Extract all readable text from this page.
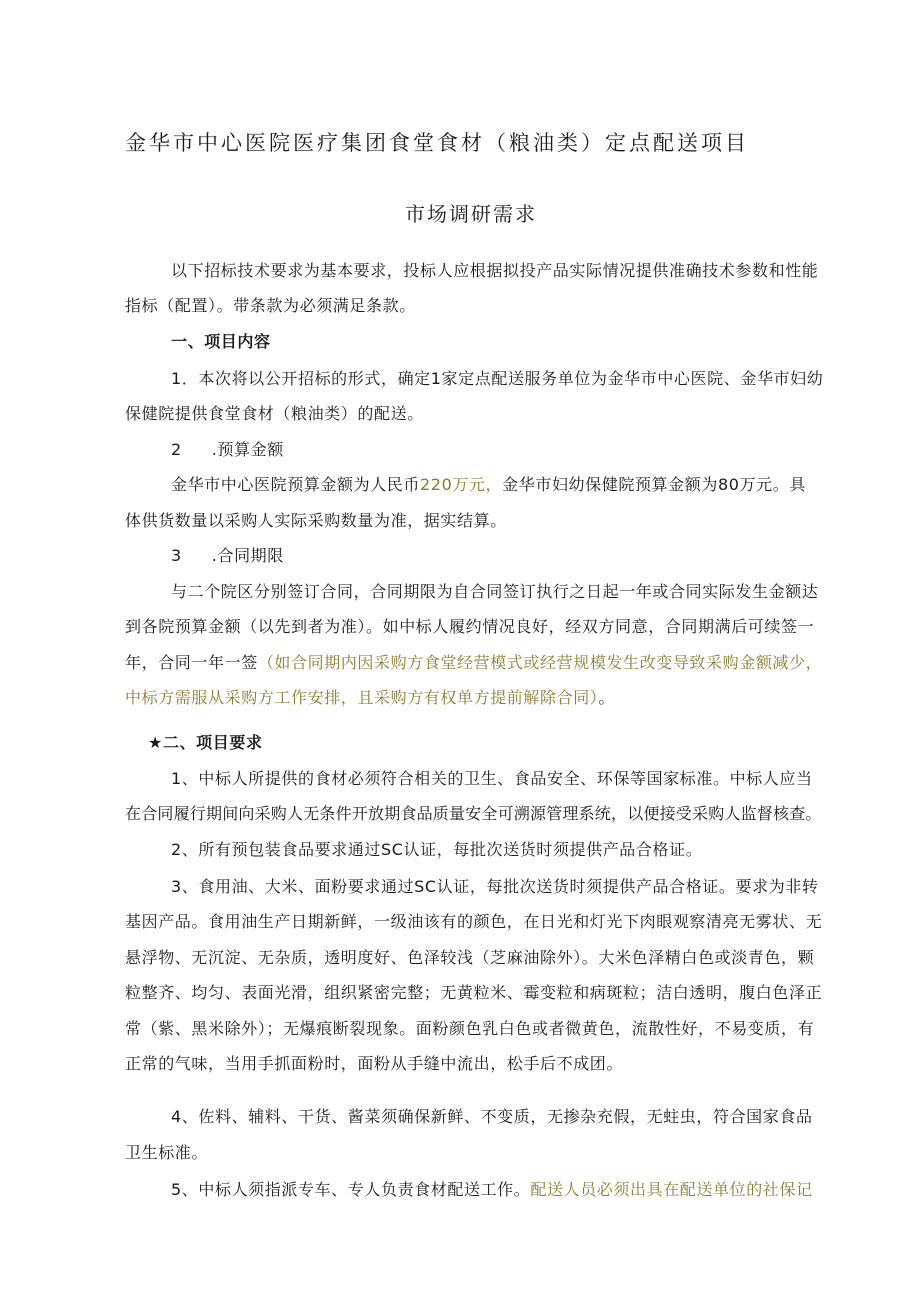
金华市中心医院医疗集团食堂食材（粮油类）定点配送项目
市场调研需求
以下招标技术要求为基本要求，投标人应根据拟投产品实际情况提供准确技术参数和性能
指标（配置）。带条款为必须满足条款。
一、项目内容
1．本次将以公开招标的形式，确定1家定点配送服务单位为金华市中心医院、金华市妇幼
保健院提供食堂食材（粮油类）的配送。
2 .预算金额
金华市中心医院预算金额为人民币220万元，金华市妇幼保健院预算金额为80万元。具
体供货数量以采购人实际采购数量为准，据实结算。
3 .合同期限
与二个院区分别签订合同，合同期限为自合同签订执行之日起一年或合同实际发生金额达
到各院预算金额（以先到者为准）。如中标人履约情况良好，经双方同意，合同期满后可续签一
年，合同一年一签（如合同期内因采购方食堂经营模式或经营规模发生改变导致采购金额减少，
中标方需服从采购方工作安排，且采购方有权单方提前解除合同）。
★二、项目要求
1、中标人所提供的食材必须符合相关的卫生、食品安全、环保等国家标准。中标人应当
在合同履行期间向采购人无条件开放期食品质量安全可溯源管理系统，以便接受采购人监督核查。
2、所有预包装食品要求通过SC认证，每批次送货时须提供产品合格证。
3、食用油、大米、面粉要求通过SC认证，每批次送货时须提供产品合格证。要求为非转
基因产品。食用油生产日期新鲜，一级油该有的颜色，在日光和灯光下肉眼观察清亮无雾状、无
悬浮物、无沉淀、无杂质，透明度好、色泽较浅（芝麻油除外）。大米色泽精白色或淡青色，颗
粒整齐、均匀、表面光滑，组织紧密完整；无黄粒米、霉变粒和病斑粒；洁白透明，腹白色泽正
常（紫、黑米除外）；无爆痕断裂现象。面粉颜色乳白色或者微黄色，流散性好，不易变质，有
正常的气味，当用手抓面粉时，面粉从手缝中流出，松手后不成团。
4、佐料、辅料、干货、酱菜须确保新鲜、不变质，无掺杂充假，无蛀虫，符合国家食品
卫生标准。
5、中标人须指派专车、专人负责食材配送工作。配送人员必须出具在配送单位的社保记
